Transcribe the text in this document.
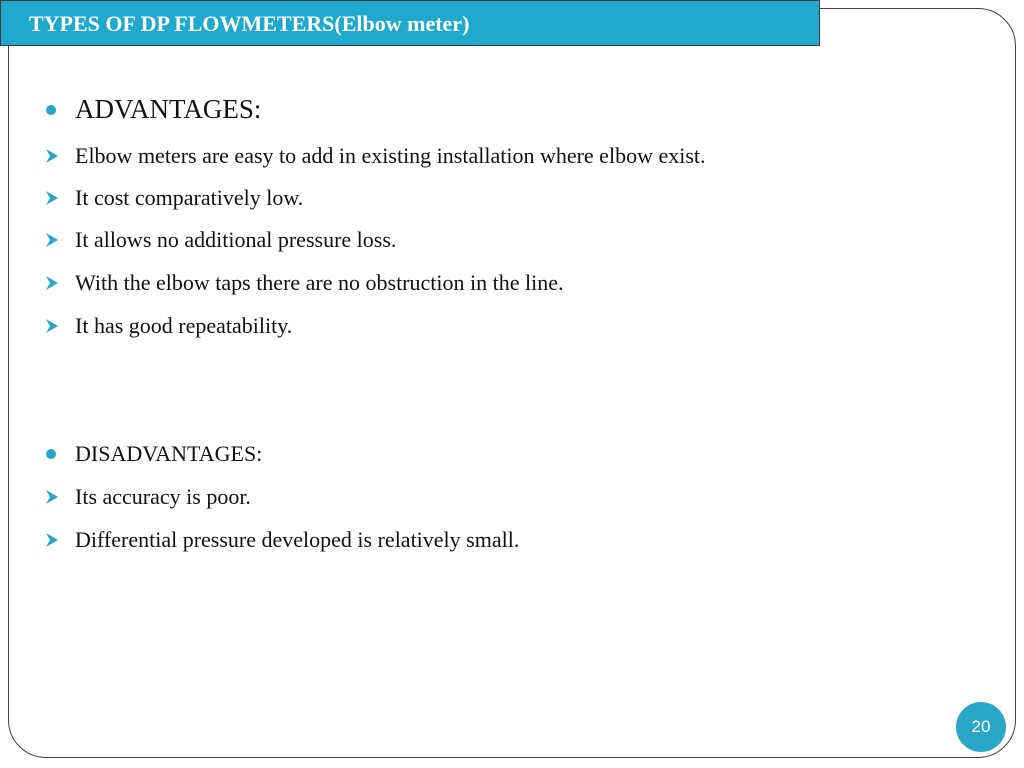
TYPES OF DP FLOWMETERS(Elbow meter)
ADVANTAGES:
Elbow meters are easy to add in existing installation where elbow exist.
It cost comparatively low.
It allows no additional pressure loss.
With the elbow taps there are no obstruction in the line.
It has good repeatability.
DISADVANTAGES:
Its accuracy is poor.
Differential pressure developed is relatively small.
20
